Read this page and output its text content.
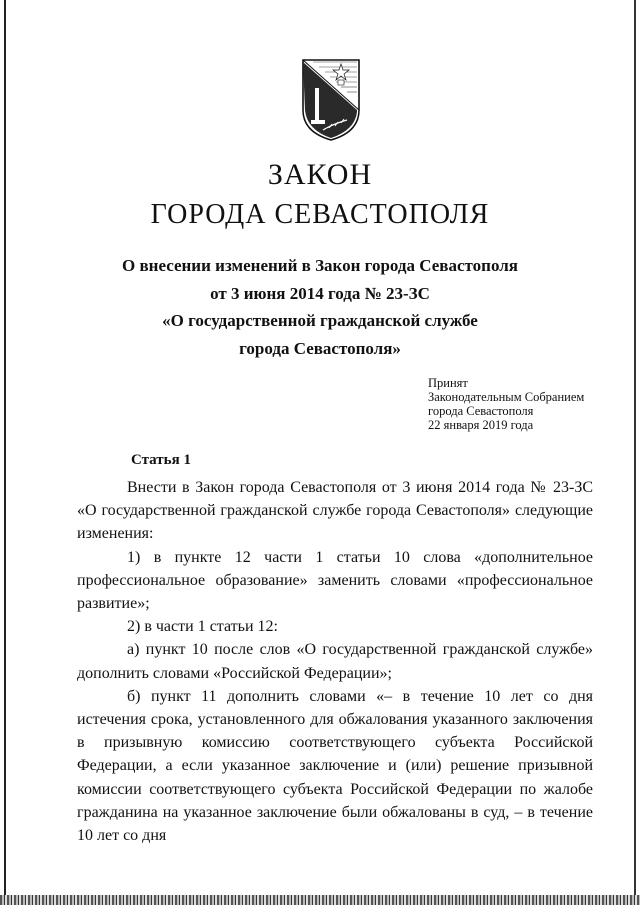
ЗАКОН
ГОРОДА СЕВАСТОПОЛЯ
О внесении изменений в Закон города Севастополя
от 3 июня 2014 года № 23-ЗС
«О государственной гражданской службе
города Севастополя»
Принят
Законодательным Собранием
города Севастополя
22 января 2019 года
Статья 1

Внести в Закон города Севастополя от 3 июня 2014 года № 23-ЗС «О государственной гражданской службе города Севастополя» следующие изменения:

1) в пункте 12 части 1 статьи 10 слова «дополнительное профессиональное образование» заменить словами «профессиональное развитие»;

2) в части 1 статьи 12:

а) пункт 10 после слов «О государственной гражданской службе» дополнить словами «Российской Федерации»;

б) пункт 11 дополнить словами «– в течение 10 лет со дня истечения срока, установленного для обжалования указанного заключения в призывную комиссию соответствующего субъекта Российской Федерации, а если указанное заключение и (или) решение призывной комиссии соответствующего субъекта Российской Федерации по жалобе гражданина на указанное заключение были обжалованы в суд, – в течение 10 лет со дня
